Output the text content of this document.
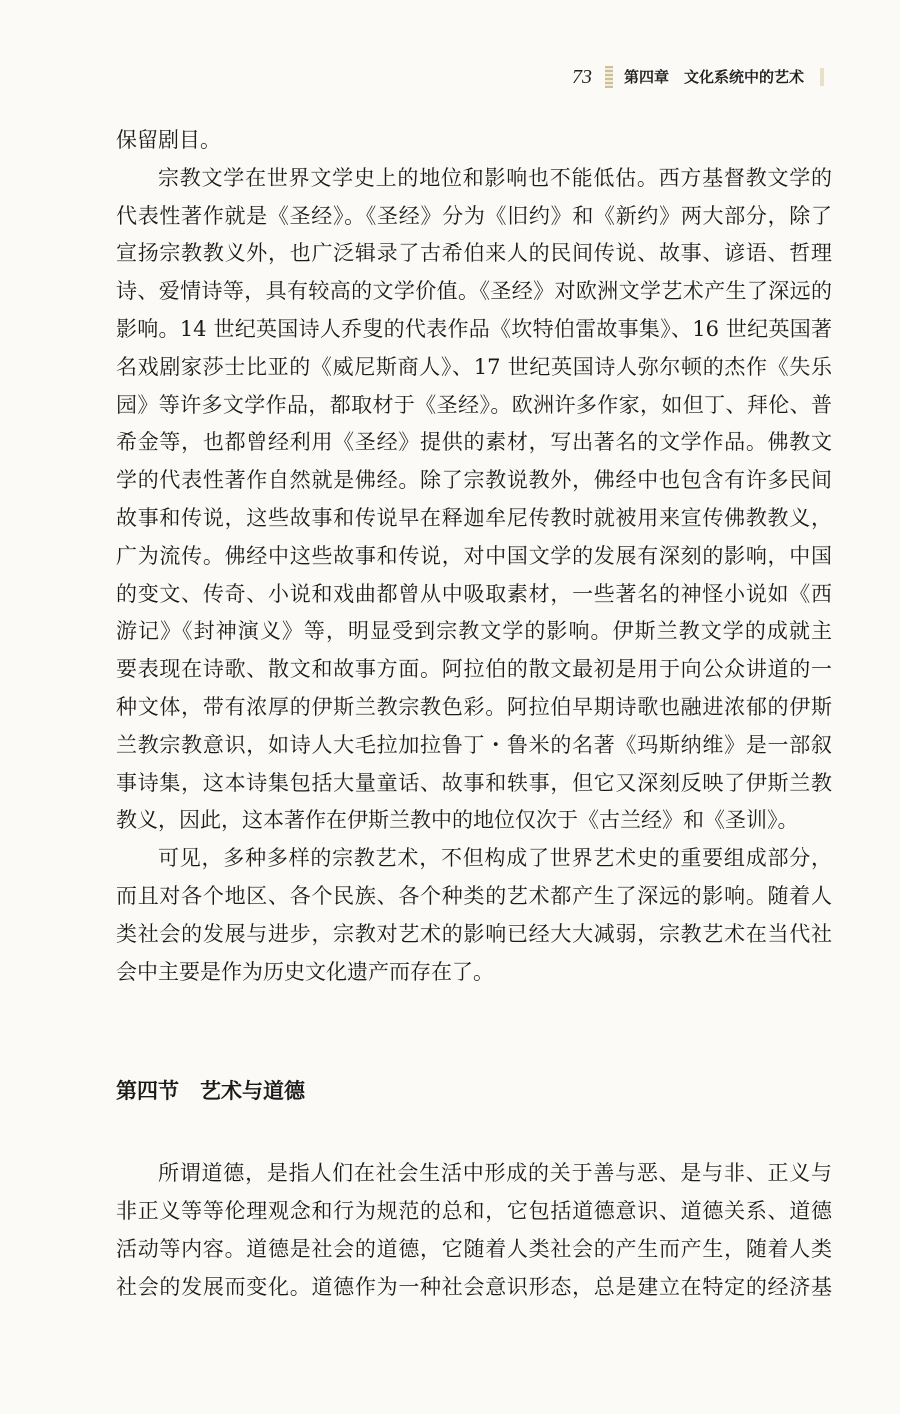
73 第四章　文化系统中的艺术
保留剧目。
宗教文学在世界文学史上的地位和影响也不能低估。西方基督教文学的
代表性著作就是《圣经》。《圣经》分为《旧约》和《新约》两大部分，除了
宣扬宗教教义外，也广泛辑录了古希伯来人的民间传说、故事、谚语、哲理
诗、爱情诗等，具有较高的文学价值。《圣经》对欧洲文学艺术产生了深远的
影响。14 世纪英国诗人乔叟的代表作品《坎特伯雷故事集》、16 世纪英国著
名戏剧家莎士比亚的《威尼斯商人》、17 世纪英国诗人弥尔顿的杰作《失乐
园》等许多文学作品，都取材于《圣经》。欧洲许多作家，如但丁、拜伦、普
希金等，也都曾经利用《圣经》提供的素材，写出著名的文学作品。佛教文
学的代表性著作自然就是佛经。除了宗教说教外，佛经中也包含有许多民间
故事和传说，这些故事和传说早在释迦牟尼传教时就被用来宣传佛教教义，
广为流传。佛经中这些故事和传说，对中国文学的发展有深刻的影响，中国
的变文、传奇、小说和戏曲都曾从中吸取素材，一些著名的神怪小说如《西
游记》《封神演义》等，明显受到宗教文学的影响。伊斯兰教文学的成就主
要表现在诗歌、散文和故事方面。阿拉伯的散文最初是用于向公众讲道的一
种文体，带有浓厚的伊斯兰教宗教色彩。阿拉伯早期诗歌也融进浓郁的伊斯
兰教宗教意识，如诗人大毛拉加拉鲁丁・鲁米的名著《玛斯纳维》是一部叙
事诗集，这本诗集包括大量童话、故事和轶事，但它又深刻反映了伊斯兰教
教义，因此，这本著作在伊斯兰教中的地位仅次于《古兰经》和《圣训》。
可见，多种多样的宗教艺术，不但构成了世界艺术史的重要组成部分，
而且对各个地区、各个民族、各个种类的艺术都产生了深远的影响。随着人
类社会的发展与进步，宗教对艺术的影响已经大大减弱，宗教艺术在当代社
会中主要是作为历史文化遗产而存在了。
第四节　艺术与道德
所谓道德，是指人们在社会生活中形成的关于善与恶、是与非、正义与
非正义等等伦理观念和行为规范的总和，它包括道德意识、道德关系、道德
活动等内容。道德是社会的道德，它随着人类社会的产生而产生，随着人类
社会的发展而变化。道德作为一种社会意识形态，总是建立在特定的经济基
